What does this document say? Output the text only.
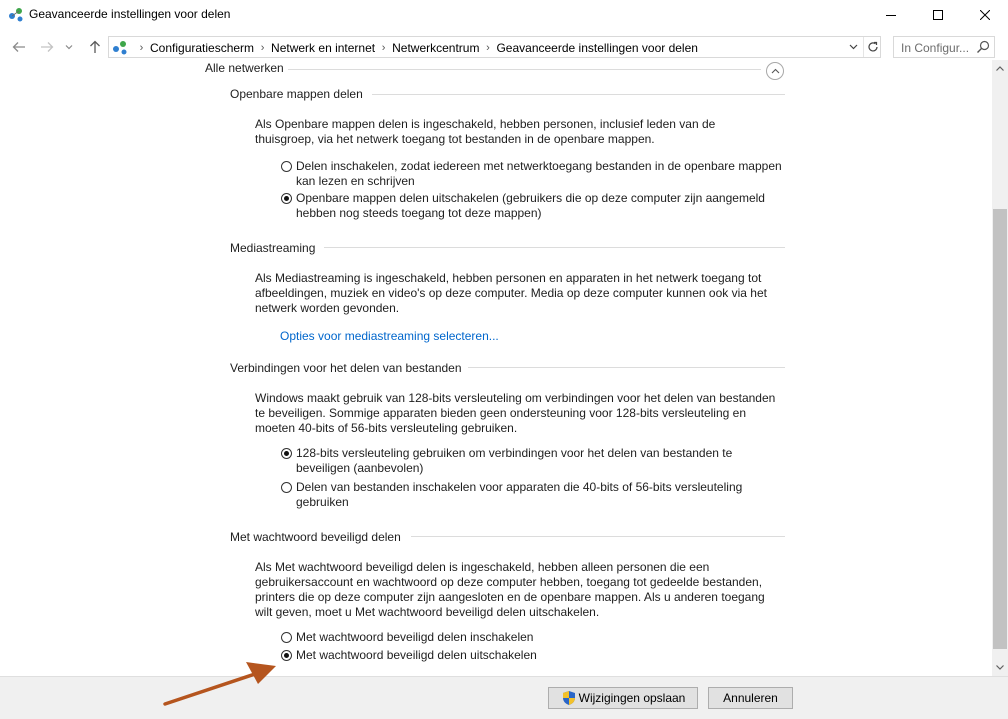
Geavanceerde instellingen voor delen
› Configuratiescherm › Netwerk en internet › Netwerkcentrum › Geavanceerde instellingen voor delen	In Configur...
Alle netwerken
Openbare mappen delen
Als Openbare mappen delen is ingeschakeld, hebben personen, inclusief leden van de thuisgroep, via het netwerk toegang tot bestanden in de openbare mappen.
Delen inschakelen, zodat iedereen met netwerktoegang bestanden in de openbare mappen kan lezen en schrijven
Openbare mappen delen uitschakelen (gebruikers die op deze computer zijn aangemeld hebben nog steeds toegang tot deze mappen)
Mediastreaming
Als Mediastreaming is ingeschakeld, hebben personen en apparaten in het netwerk toegang tot afbeeldingen, muziek en video's op deze computer. Media op deze computer kunnen ook via het netwerk worden gevonden.
Opties voor mediastreaming selecteren...
Verbindingen voor het delen van bestanden
Windows maakt gebruik van 128-bits versleuteling om verbindingen voor het delen van bestanden te beveiligen. Sommige apparaten bieden geen ondersteuning voor 128-bits versleuteling en moeten 40-bits of 56-bits versleuteling gebruiken.
128-bits versleuteling gebruiken om verbindingen voor het delen van bestanden te beveiligen (aanbevolen)
Delen van bestanden inschakelen voor apparaten die 40-bits of 56-bits versleuteling gebruiken
Met wachtwoord beveiligd delen
Als Met wachtwoord beveiligd delen is ingeschakeld, hebben alleen personen die een gebruikersaccount en wachtwoord op deze computer hebben, toegang tot gedeelde bestanden, printers die op deze computer zijn aangesloten en de openbare mappen. Als u anderen toegang wilt geven, moet u Met wachtwoord beveiligd delen uitschakelen.
Met wachtwoord beveiligd delen inschakelen
Met wachtwoord beveiligd delen uitschakelen
Wijzigingen opslaan	Annuleren
